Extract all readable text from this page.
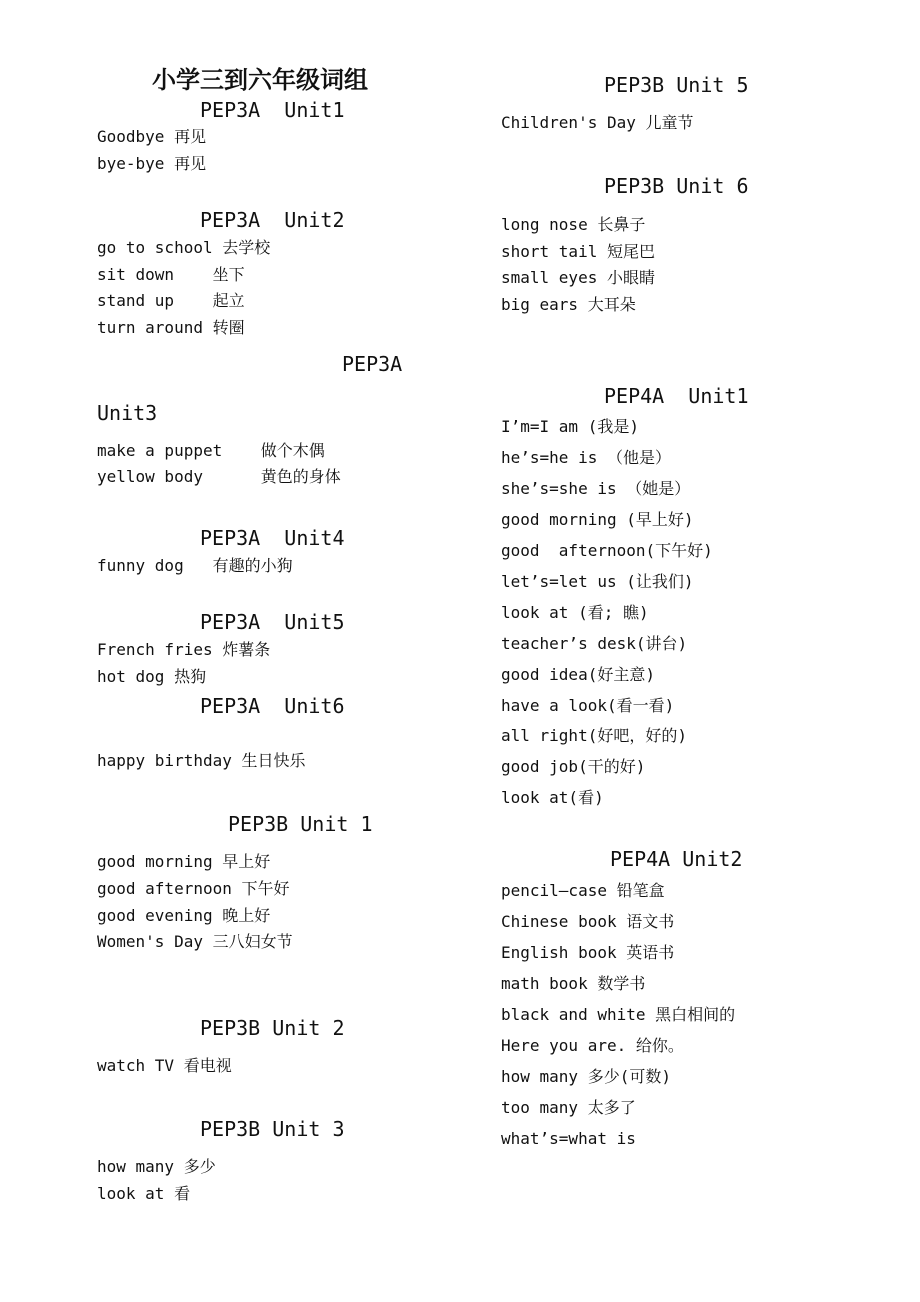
小学三到六年级词组
PEP3A  Unit1
Goodbye 再见
bye-bye 再见
PEP3A  Unit2
go to school 去学校
sit down    坐下
stand up    起立
turn around 转圈
PEP3A
Unit3
make a puppet    做个木偶
yellow body      黄色的身体
PEP3A  Unit4
funny dog   有趣的小狗
PEP3A  Unit5
French fries 炸薯条
hot dog 热狗
PEP3A  Unit6
happy birthday 生日快乐
PEP3B Unit 1
good morning 早上好
good afternoon 下午好
good evening 晚上好
Women's Day 三八妇女节
PEP3B Unit 2
watch TV 看电视
PEP3B Unit 3
how many 多少
look at 看
PEP3B Unit 5
Children's Day 儿童节
PEP3B Unit 6
long nose 长鼻子
short tail 短尾巴
small eyes 小眼睛
big ears 大耳朵
PEP4A  Unit1
I’m=I am (我是)
he’s=he is （他是）
she’s=she is （她是）
good morning (早上好)
good  afternoon(下午好)
let’s=let us (让我们)
look at (看; 瞧)
teacher’s desk(讲台)
good idea(好主意)
have a look(看一看)
all right(好吧，好的)
good job(干的好)
look at(看)
PEP4A Unit2
pencil—case 铅笔盒
Chinese book 语文书
English book 英语书
math book 数学书
black and white 黑白相间的
Here you are. 给你。
how many 多少(可数)
too many 太多了
what’s=what is
